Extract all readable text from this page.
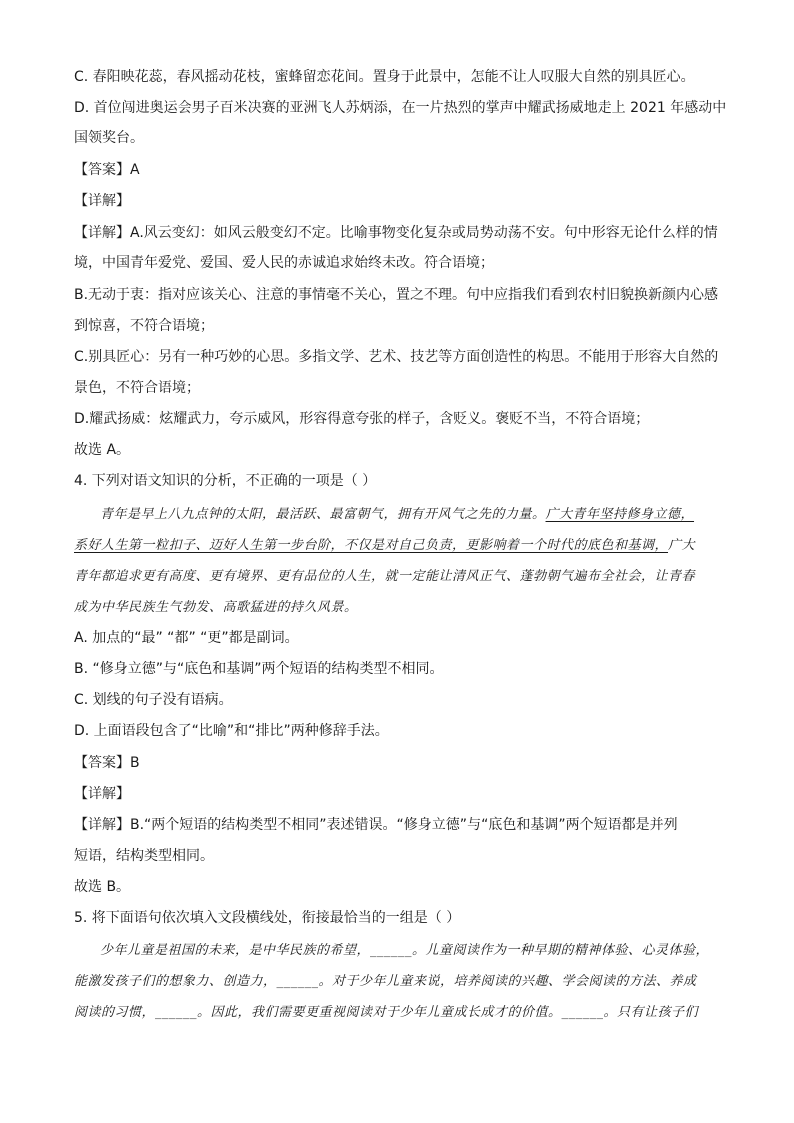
C. 春阳映花蕊，春风摇动花枝，蜜蜂留恋花间。置身于此景中，怎能不让人叹服大自然的别具匠心。
D. 首位闯进奥运会男子百米决赛的亚洲飞人苏炳添，在一片热烈的掌声中耀武扬威地走上 2021 年感动中
国领奖台。
【答案】A
【详解】
【详解】A.风云变幻：如风云般变幻不定。比喻事物变化复杂或局势动荡不安。句中形容无论什么样的情
境，中国青年爱党、爱国、爱人民的赤诚追求始终未改。符合语境；
B.无动于衷：指对应该关心、注意的事情毫不关心，置之不理。句中应指我们看到农村旧貌换新颜内心感
到惊喜，不符合语境；
C.别具匠心：另有一种巧妙的心思。多指文学、艺术、技艺等方面创造性的构思。不能用于形容大自然的
景色，不符合语境；
D.耀武扬威：炫耀武力，夸示威风，形容得意夸张的样子，含贬义。褒贬不当，不符合语境；
故选 A。
4. 下列对语文知识的分析，不正确的一项是（ ）
青年是早上八九点钟的太阳，最活跃、最富朝气，拥有开风气之先的力量。广大青年坚持修身立德，
系好人生第一粒扣子、迈好人生第一步台阶，不仅是对自己负责，更影响着一个时代的底色和基调，广大
青年都追求更有高度、更有境界、更有品位的人生，就一定能让清风正气、蓬勃朝气遍布全社会，让青春
成为中华民族生气勃发、高歌猛进的持久风景。
A. 加点的“最” “都” “更”都是副词。
B. “修身立德”与“底色和基调”两个短语的结构类型不相同。
C. 划线的句子没有语病。
D. 上面语段包含了“比喻”和“排比”两种修辞手法。
【答案】B
【详解】
【详解】B.“两个短语的结构类型不相同”表述错误。“修身立德”与“底色和基调”两个短语都是并列
短语，结构类型相同。
故选 B。
5. 将下面语句依次填入文段横线处，衔接最恰当的一组是（ ）
少年儿童是祖国的未来，是中华民族的希望，______。儿童阅读作为一种早期的精神体验、心灵体验，
能激发孩子们的想象力、创造力，______。对于少年儿童来说，培养阅读的兴趣、学会阅读的方法、养成
阅读的习惯，______。因此，我们需要更重视阅读对于少年儿童成长成才的价值。______。只有让孩子们
